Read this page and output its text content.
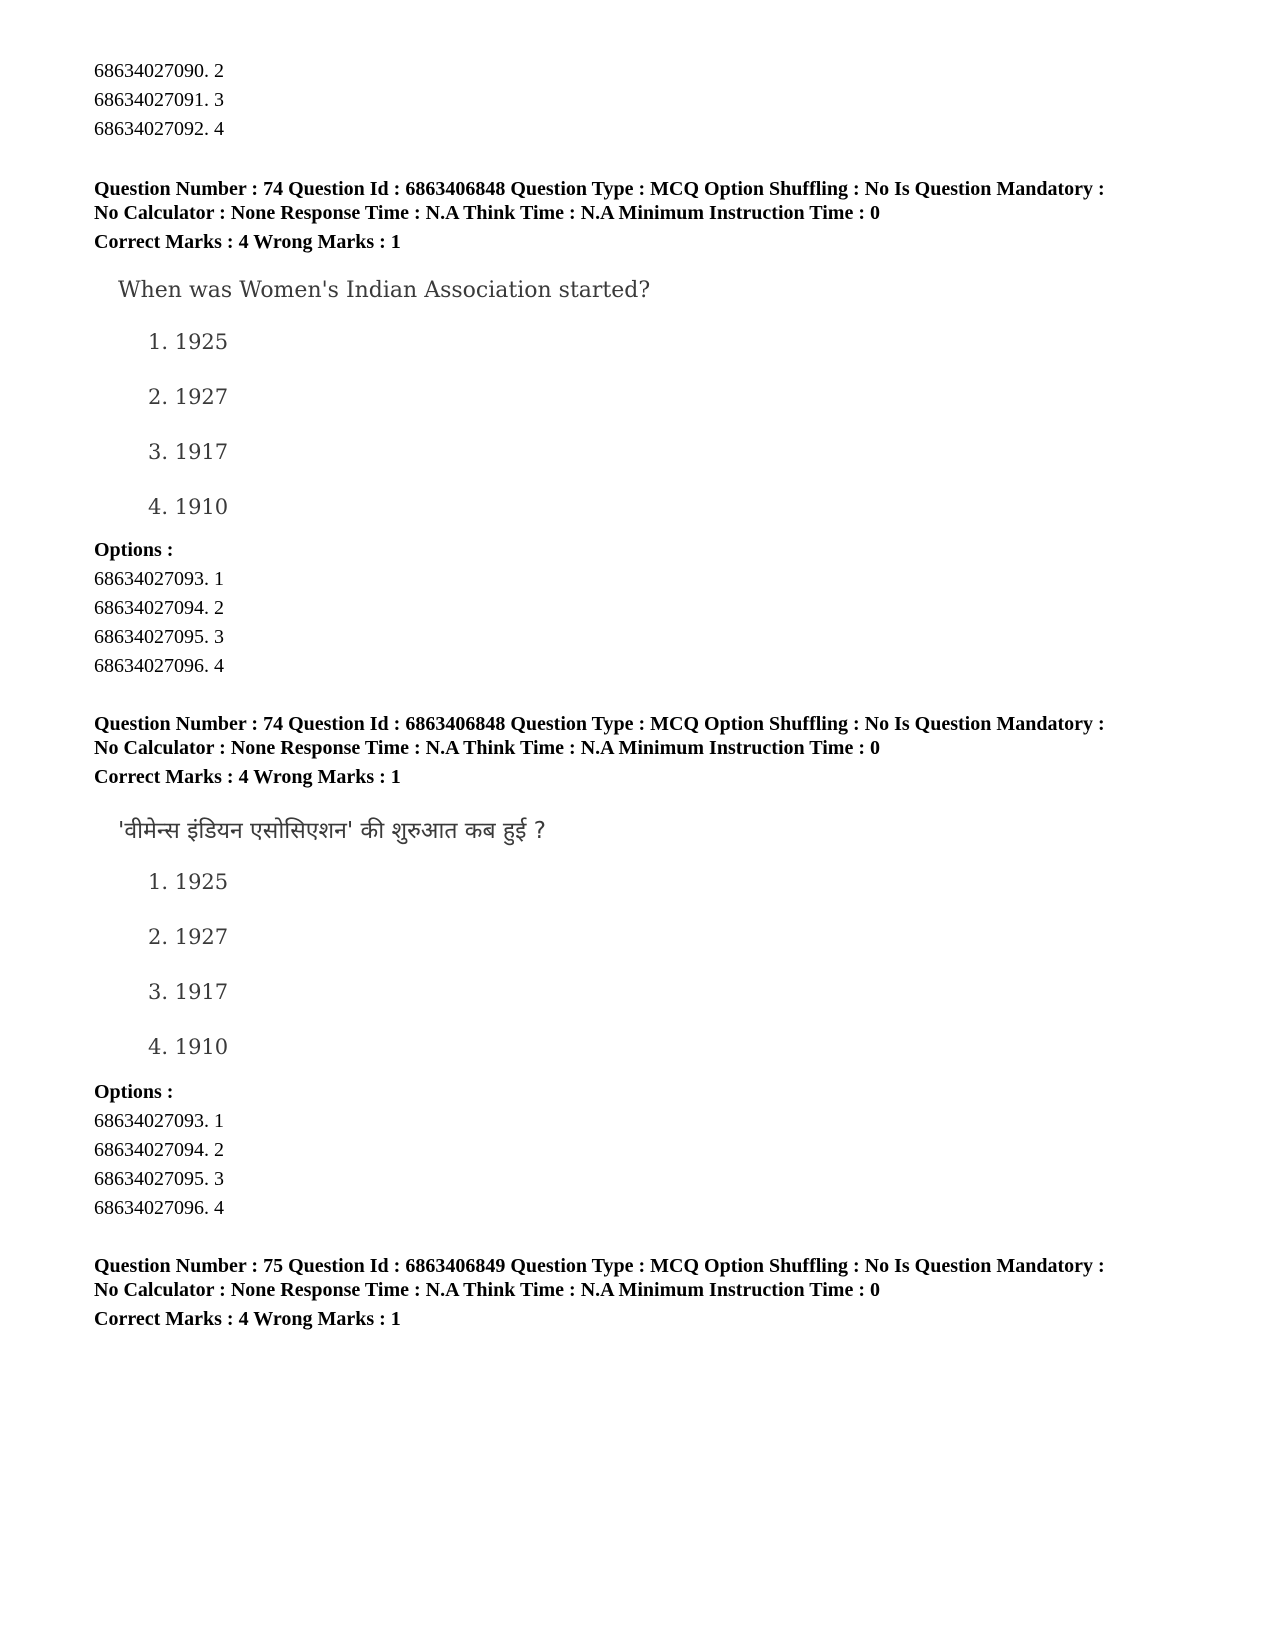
68634027090. 2
68634027091. 3
68634027092. 4
Question Number : 74 Question Id : 6863406848 Question Type : MCQ Option Shuffling : No Is Question Mandatory :
No Calculator : None Response Time : N.A Think Time : N.A Minimum Instruction Time : 0
Correct Marks : 4 Wrong Marks : 1
When was Women's Indian Association started?
1. 1925
2. 1927
3. 1917
4. 1910
Options :
68634027093. 1
68634027094. 2
68634027095. 3
68634027096. 4
Question Number : 74 Question Id : 6863406848 Question Type : MCQ Option Shuffling : No Is Question Mandatory :
No Calculator : None Response Time : N.A Think Time : N.A Minimum Instruction Time : 0
Correct Marks : 4 Wrong Marks : 1
'वीमेन्स इंडियन एसोसिएशन' की शुरुआत कब हुई ?
1. 1925
2. 1927
3. 1917
4. 1910
Options :
68634027093. 1
68634027094. 2
68634027095. 3
68634027096. 4
Question Number : 75 Question Id : 6863406849 Question Type : MCQ Option Shuffling : No Is Question Mandatory :
No Calculator : None Response Time : N.A Think Time : N.A Minimum Instruction Time : 0
Correct Marks : 4 Wrong Marks : 1
